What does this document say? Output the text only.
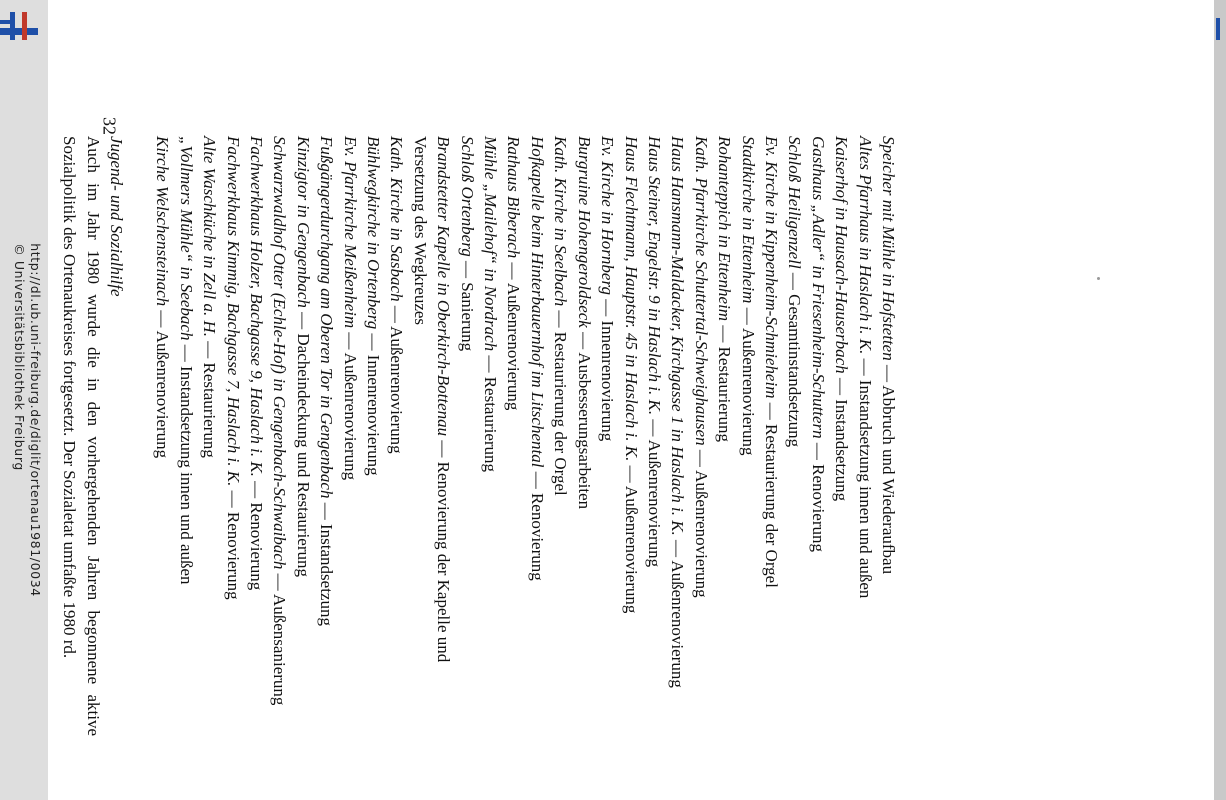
http://dl.ub.uni-freiburg.de/diglit/ortenau1981/0034
© Universitätsbibliothek Freiburg
32

Speicher mit Mühle in Hofstetten — Abbruch und Wiederaufbau

Altes Pfarrhaus in Haslach i. K. — Instandsetzung innen und außen

Kaiserhof in Hausach-Hauserbach — Instandsetzung

Gasthaus „Adler“ in Friesenheim-Schuttern — Renovierung

Schloß Heiligenzell — Gesamtinstandsetzung

Ev. Kirche in Kippenheim-Schmieheim — Restaurierung der Orgel

Stadtkirche in Ettenheim — Außenrenovierung

Rohanteppich in Ettenheim — Restaurierung

Kath. Pfarrkirche Schuttertal-Schweighausen — Außenrenovierung

Haus Hansmann-Maldacker, Kirchgasse 1 in Haslach i. K. — Außenrenovierung

Haus Steiner, Engelstr. 9 in Haslach i. K. — Außenrenovierung

Haus Flechtmann, Hauptstr. 45 in Haslach i. K. — Außenrenovierung

Ev. Kirche in Hornberg — Innenrenovierung

Burgruine Hohengeroldseck — Ausbesserungsarbeiten

Kath. Kirche in Seelbach — Restaurierung der Orgel

Hofkapelle beim Hinterbauernhof im Litschental — Renovierung

Rathaus Biberach — Außenrenovierung

Mühle „Mailehof“ in Nordrach — Restaurierung

Schloß Ortenberg — Sanierung

Brandstetter Kapelle in Oberkirch-Bottenau — Renovierung der Kapelle und Versetzung des Wegkreuzes

Kath. Kirche in Sasbach — Außenrenovierung

Bühlwegkirche in Ortenberg — Innenrenovierung

Ev. Pfarrkirche Meißenheim — Außenrenovierung

Fußgängerdurchgang am Oberen Tor in Gengenbach — Instandsetzung

Kinzigtor in Gengenbach — Dacheindeckung und Restaurierung

Schwarzwaldhof Otter (Echle-Hof) in Gengenbach-Schwaibach — Außensanierung

Fachwerkhaus Holzer, Bachgasse 9, Haslach i. K. — Renovierung

Fachwerkhaus Kimmig, Bachgasse 7, Haslach i. K. — Renovierung

Alte Waschküche in Zell a. H. — Restaurierung

„Vollmers Mühle“ in Seebach — Instandsetzung innen und außen

Kirche Welschensteinach — Außenrenovierung

Jugend- und Sozialhilfe

Auch im Jahr 1980 wurde die in den vorhergehenden Jahren begonnene aktive Sozialpolitik des Ortenaukreises fortgesetzt. Der Sozialetat umfaßte 1980 rd.
